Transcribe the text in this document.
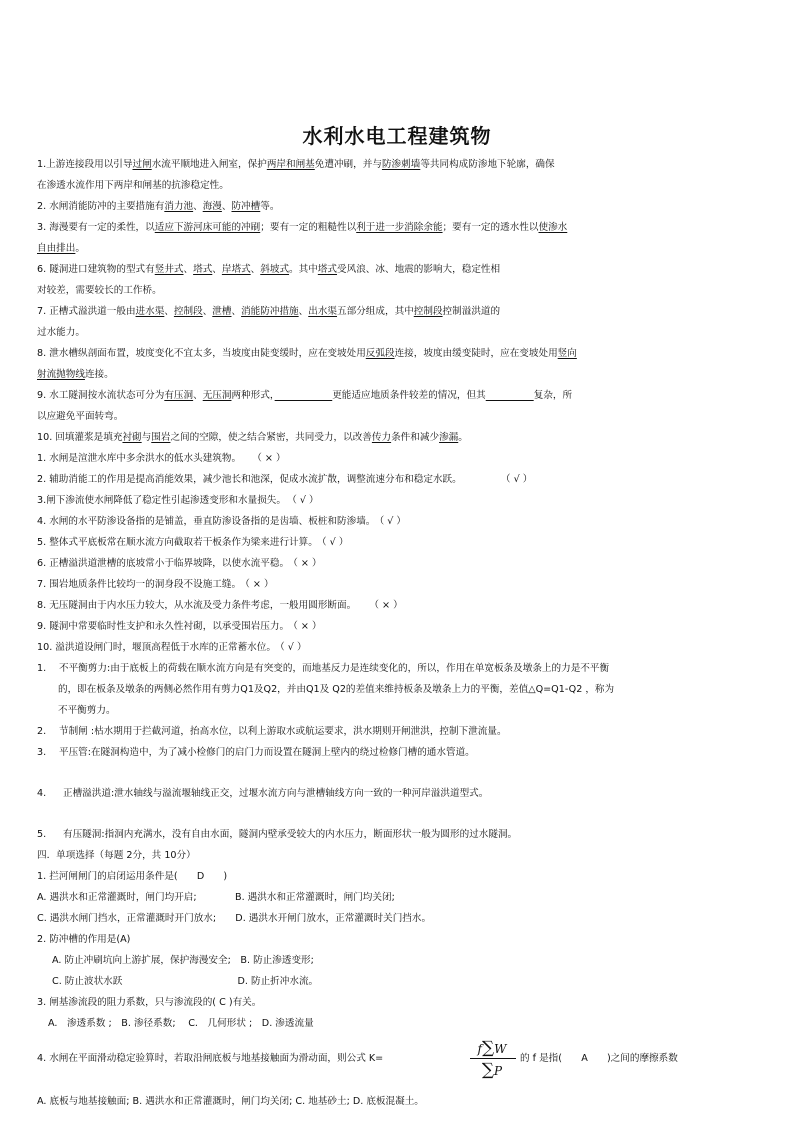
水利水电工程建筑物
1.上游连接段用以引导过闸水流平顺地进入闸室，保护两岸和闸基免遭冲刷，并与防渗刺墙等共同构成防渗地下轮廓，确保
在渗透水流作用下两岸和闸基的抗渗稳定性。
2. 水闸消能防冲的主要措施有消力池、海漫、防冲槽等。
3. 海漫要有一定的柔性，以适应下游河床可能的冲刷；要有一定的粗糙性以利于进一步消除余能；要有一定的透水性以使渗水
自由排出。
6. 隧洞进口建筑物的型式有竖井式、塔式、岸塔式、斜坡式。其中塔式受风浪、冰、地震的影响大，稳定性相
对较差，需要较长的工作桥。
7. 正槽式溢洪道一般由进水渠、控制段、泄槽、消能防冲措施、出水渠五部分组成，其中控制段控制溢洪道的
过水能力。
8. 泄水槽纵剖面布置，坡度变化不宜太多，当坡度由陡变缓时，应在变坡处用反弧段连接，坡度由缓变陡时，应在变坡处用竖向
射流抛物线连接。
9. 水工隧洞按水流状态可分为有压洞、无压洞两种形式，　　　　　　	更能适应地质条件较差的情况，但其　　　　　	复杂，所
以应避免平面转弯。
10. 回填灌浆是填充衬砌与围岩之间的空隙，使之结合紧密，共同受力，以改善传力条件和减少渗漏。
1. 水闸是渲泄水库中多余洪水的低水头建筑物。 （ × ）
2. 辅助消能工的作用是提高消能效果，减少池长和池深，促成水流扩散，调整流速分布和稳定水跃。	（ √ ）
3.闸下渗流使水闸降低了稳定性引起渗透变形和水量损失。 （ √ ）
4. 水闸的水平防渗设备指的是铺盖，垂直防渗设备指的是齿墙、板桩和防渗墙。 （ √ ）
5. 整体式平底板常在顺水流方向截取若干板条作为梁来进行计算。 （ √ ）
6. 正槽溢洪道泄槽的底坡常小于临界坡降，以使水流平稳。 （ × ）
7. 围岩地质条件比较均一的洞身段不设施工缝。 （ × ）
8. 无压隧洞由于内水压力较大，从水流及受力条件考虑，一般用圆形断面。 （ × ）
9. 隧洞中常要临时性支护和永久性衬砌，以承受围岩压力。 （ × ）
10. 溢洪道设闸门时，堰顶高程低于水库的正常蓄水位。 （ √ ）
1. 不平衡剪力:由于底板上的荷载在顺水流方向是有突变的，而地基反力是连续变化的，所以，作用在单宽板条及墩条上的力是不平衡
的，即在板条及墩条的两侧必然作用有剪力Q1及Q2，并由Q1及 Q2的差值来维持板条及墩条上力的平衡，差值△Q=Q1-Q2 ，称为
不平衡剪力。
2. 节制闸 :枯水期用于拦截河道，抬高水位，以利上游取水或航运要求，洪水期则开闸泄洪，控制下泄流量。
3. 平压管:在隧洞构造中，为了减小检修门的启门力而设置在隧洞上壁内的绕过检修门槽的通水管道。
4. 正槽溢洪道:泄水轴线与溢流堰轴线正交，过堰水流方向与泄槽轴线方向一致的一种河岸溢洪道型式。
5. 有压隧洞:指洞内充满水，没有自由水面，隧洞内壁承受较大的内水压力，断面形状一般为圆形的过水隧洞。
四．单项选择（每题 2分，共 10分）
1. 拦河闸闸门的启闭运用条件是(　　D　　)
A. 遇洪水和正常灌溉时，闸门均开启;　　　　B. 遇洪水和正常灌溉时，闸门均关闭;
C. 遇洪水闸门挡水，正常灌溉时开门放水;　　D. 遇洪水开闸门放水，正常灌溉时关门挡水。
2. 防冲槽的作用是(A)
A. 防止冲刷坑向上游扩展，保护海漫安全;　B. 防止渗透变形;
C. 防止波状水跃　　　　　　　　　　　　D. 防止折冲水流。
3. 闸基渗流段的阻力系数，只与渗流段的( C )有关。
A.　渗透系数 ;　B. 渗径系数;　 C.　几何形状 ;　D. 渗透流量
4. 水闸在平面滑动稳定验算时，若取沿闸底板与地基接触面为滑动面，则公式 K=
f∑W
∑P
的 f 是指(　　A　　)之间的摩擦系数
A. 底板与地基接触面; B. 遇洪水和正常灌溉时，闸门均关闭; C. 地基砂土; D. 底板混凝土。
